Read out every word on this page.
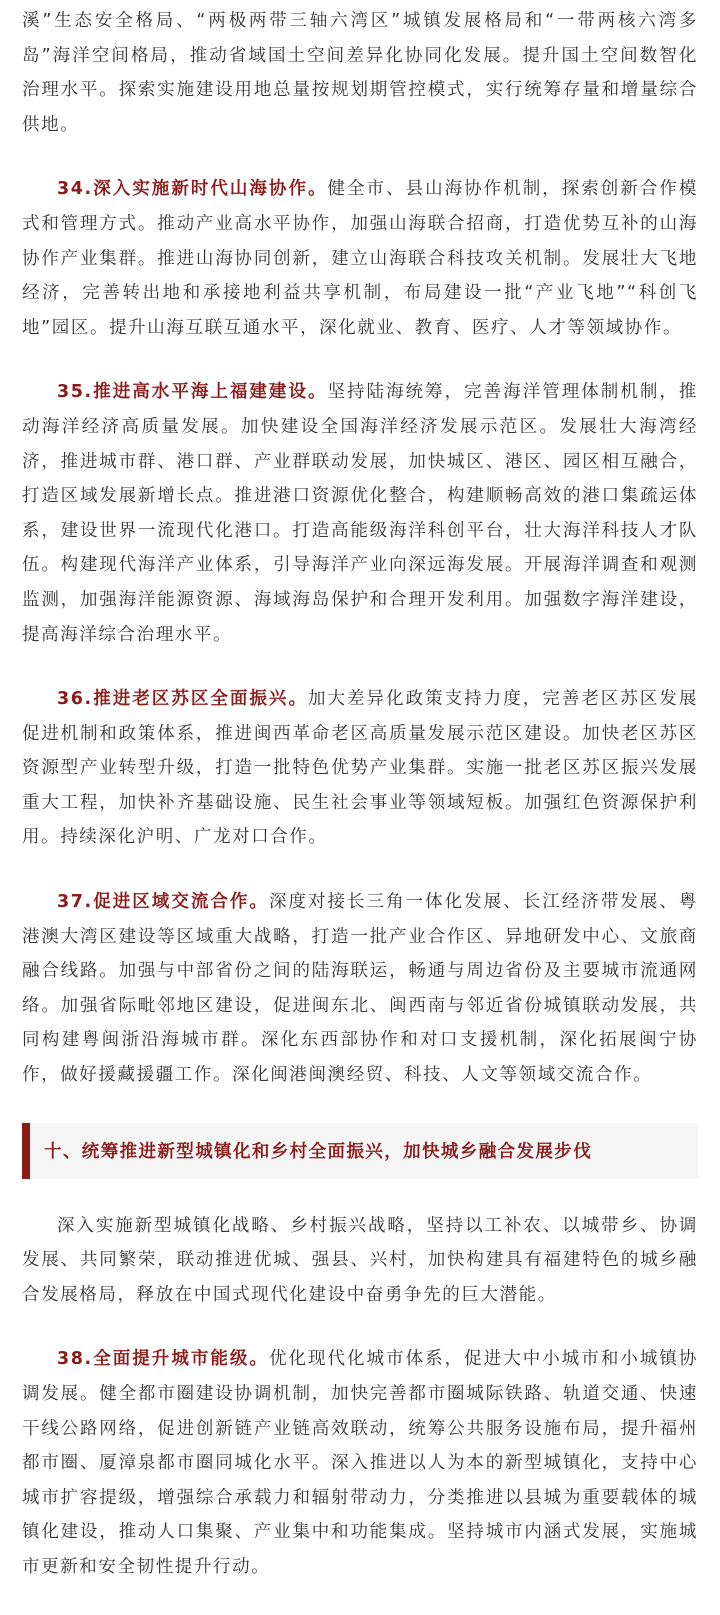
溪”生态安全格局、“两极两带三轴六湾区”城镇发展格局和“一带两核六湾多岛”海洋空间格局，推动省域国土空间差异化协同化发展。提升国土空间数智化治理水平。探索实施建设用地总量按规划期管控模式，实行统筹存量和增量综合供地。

34.深入实施新时代山海协作。健全市、县山海协作机制，探索创新合作模式和管理方式。推动产业高水平协作，加强山海联合招商，打造优势互补的山海协作产业集群。推进山海协同创新，建立山海联合科技攻关机制。发展壮大飞地经济，完善转出地和承接地利益共享机制，布局建设一批“产业飞地”“科创飞地”园区。提升山海互联互通水平，深化就业、教育、医疗、人才等领域协作。

35.推进高水平海上福建建设。坚持陆海统筹，完善海洋管理体制机制，推动海洋经济高质量发展。加快建设全国海洋经济发展示范区。发展壮大海湾经济，推进城市群、港口群、产业群联动发展，加快城区、港区、园区相互融合，打造区域发展新增长点。推进港口资源优化整合，构建顺畅高效的港口集疏运体系，建设世界一流现代化港口。打造高能级海洋科创平台，壮大海洋科技人才队伍。构建现代海洋产业体系，引导海洋产业向深远海发展。开展海洋调查和观测监测，加强海洋能源资源、海域海岛保护和合理开发利用。加强数字海洋建设，提高海洋综合治理水平。

36.推进老区苏区全面振兴。加大差异化政策支持力度，完善老区苏区发展促进机制和政策体系，推进闽西革命老区高质量发展示范区建设。加快老区苏区资源型产业转型升级，打造一批特色优势产业集群。实施一批老区苏区振兴发展重大工程，加快补齐基础设施、民生社会事业等领域短板。加强红色资源保护利用。持续深化沪明、广龙对口合作。

37.促进区域交流合作。深度对接长三角一体化发展、长江经济带发展、粤港澳大湾区建设等区域重大战略，打造一批产业合作区、异地研发中心、文旅商融合线路。加强与中部省份之间的陆海联运，畅通与周边省份及主要城市流通网络。加强省际毗邻地区建设，促进闽东北、闽西南与邻近省份城镇联动发展，共同构建粤闽浙沿海城市群。深化东西部协作和对口支援机制，深化拓展闽宁协作，做好援藏援疆工作。深化闽港闽澳经贸、科技、人文等领域交流合作。

十、统筹推进新型城镇化和乡村全面振兴，加快城乡融合发展步伐

深入实施新型城镇化战略、乡村振兴战略，坚持以工补农、以城带乡、协调发展、共同繁荣，联动推进优城、强县、兴村，加快构建具有福建特色的城乡融合发展格局，释放在中国式现代化建设中奋勇争先的巨大潜能。

38.全面提升城市能级。优化现代化城市体系，促进大中小城市和小城镇协调发展。健全都市圈建设协调机制，加快完善都市圈城际铁路、轨道交通、快速干线公路网络，促进创新链产业链高效联动，统筹公共服务设施布局，提升福州都市圈、厦漳泉都市圈同城化水平。深入推进以人为本的新型城镇化，支持中心城市扩容提级，增强综合承载力和辐射带动力，分类推进以县城为重要载体的城镇化建设，推动人口集聚、产业集中和功能集成。坚持城市内涵式发展，实施城市更新和安全韧性提升行动。
